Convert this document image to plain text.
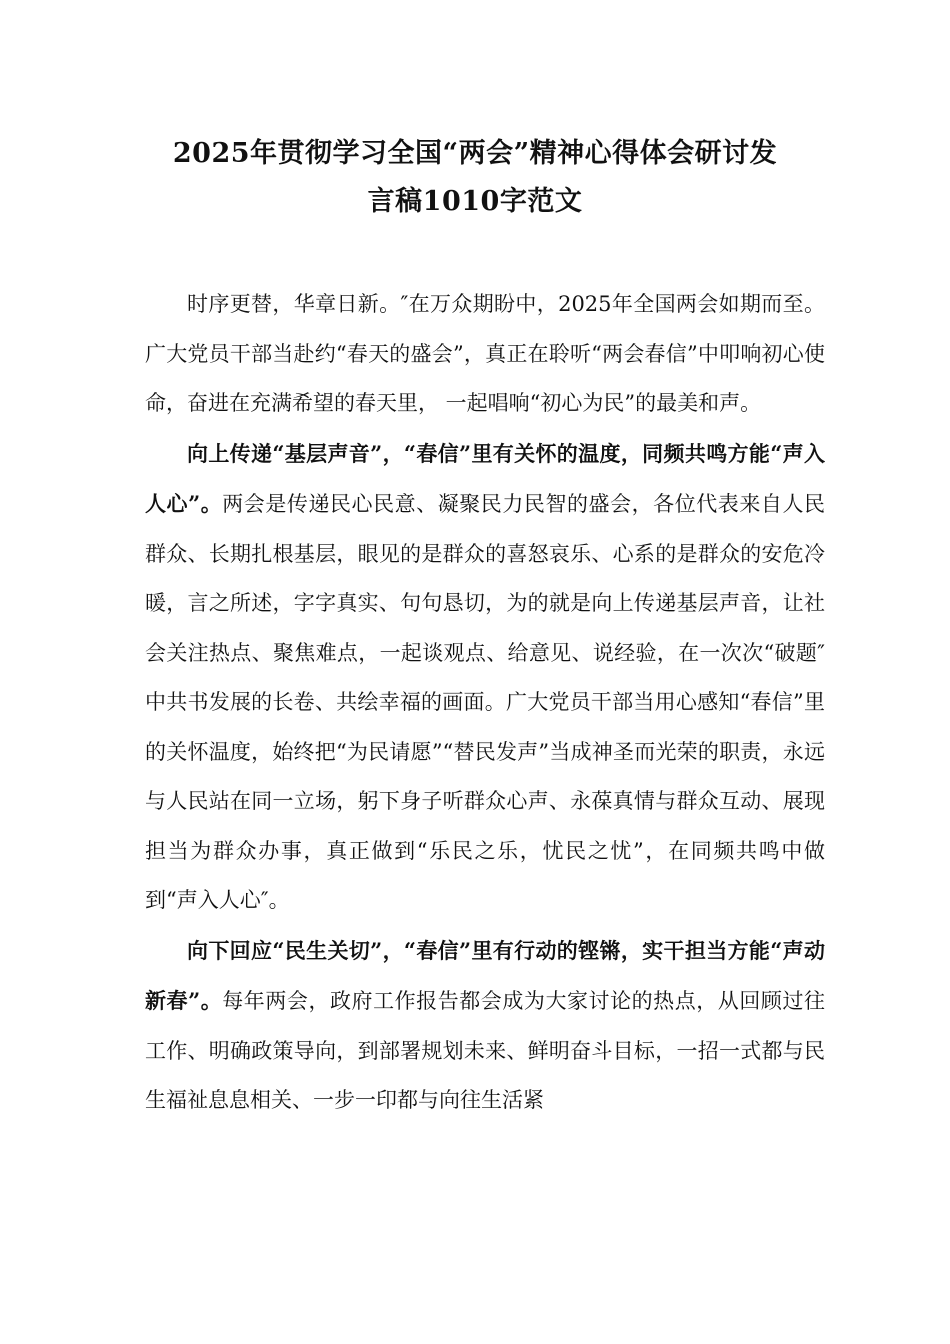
2025年贯彻学习全国“两会”精神心得体会研讨发
言稿1010字范文

时序更替，华章日新。″在万众期盼中，2025年全国两会如期而至。广大党员干部当赴约“春天的盛会”，真正在聆听“两会春信”中叩响初心使命，奋进在充满希望的春天里， 一起唱响“初心为民”的最美和声。

向上传递“基层声音”，“春信”里有关怀的温度，同频共鸣方能“声入人心”。两会是传递民心民意、凝聚民力民智的盛会，各位代表来自人民群众、长期扎根基层，眼见的是群众的喜怒哀乐、心系的是群众的安危冷暖，言之所述，字字真实、句句恳切，为的就是向上传递基层声音，让社会关注热点、聚焦难点，一起谈观点、给意见、说经验，在一次次“破题″中共书发展的长卷、共绘幸福的画面。广大党员干部当用心感知“春信”里的关怀温度，始终把“为民请愿”“替民发声”当成神圣而光荣的职责，永远与人民站在同一立场，躬下身子听群众心声、永葆真情与群众互动、展现担当为群众办事，真正做到“乐民之乐，忧民之忧”，在同频共鸣中做到“声入人心″。

向下回应“民生关切”，“春信”里有行动的铿锵，实干担当方能“声动新春”。每年两会，政府工作报告都会成为大家讨论的热点，从回顾过往工作、明确政策导向，到部署规划未来、鲜明奋斗目标，一招一式都与民生福祉息息相关、一步一印都与向往生活紧
